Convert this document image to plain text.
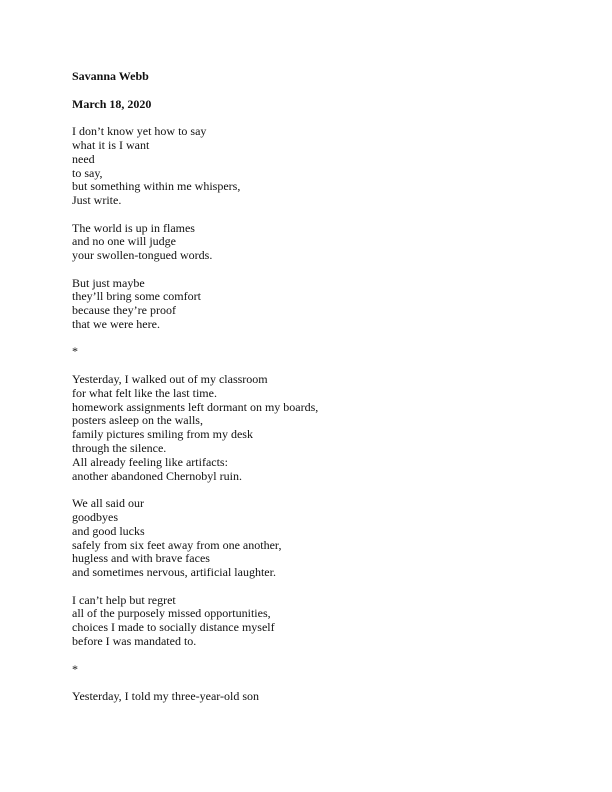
Savanna Webb

March 18, 2020

I don’t know yet how to say
what it is I want
need
to say,
but something within me whispers,
Just write.
The world is up in flames
and no one will judge
your swollen-tongued words.
But just maybe
they’ll bring some comfort
because they’re proof
that we were here.
*
Yesterday, I walked out of my classroom
for what felt like the last time.
homework assignments left dormant on my boards,
posters asleep on the walls,
family pictures smiling from my desk
through the silence.
All already feeling like artifacts:
another abandoned Chernobyl ruin.
We all said our
goodbyes
and good lucks
safely from six feet away from one another,
hugless and with brave faces
and sometimes nervous, artificial laughter.
I can’t help but regret
all of the purposely missed opportunities,
choices I made to socially distance myself
before I was mandated to.
*
Yesterday, I told my three-year-old son
